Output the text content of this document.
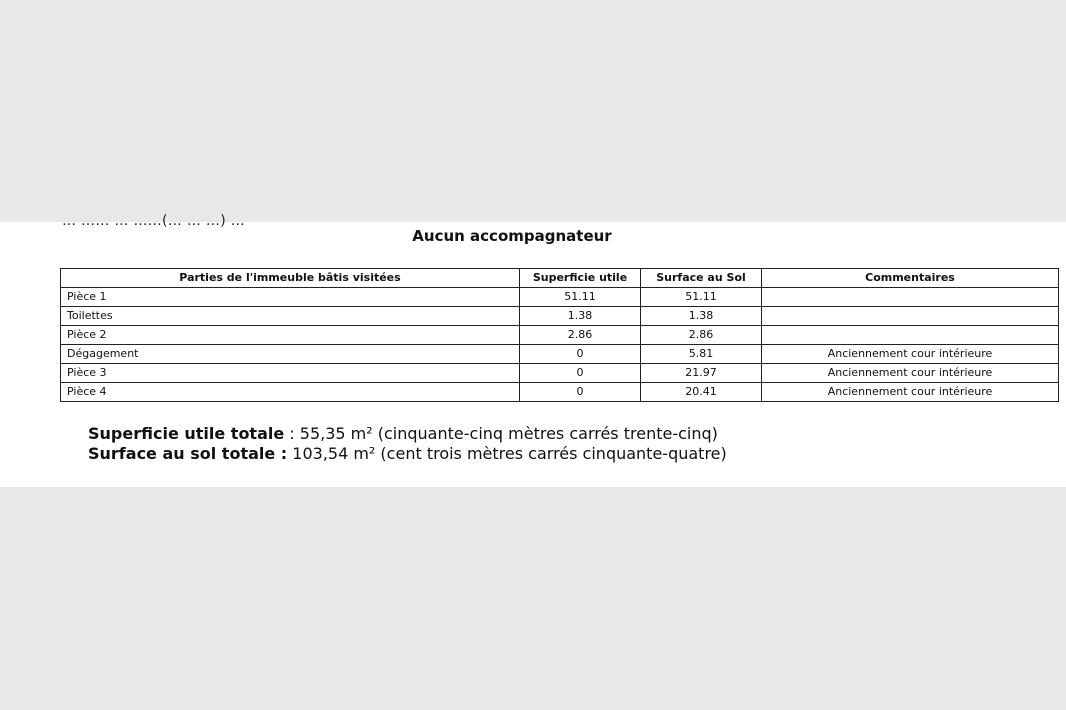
… …… … ……(… … …) …
Aucun accompagnateur
Parties de l'immeuble bâtis visitées	Superficie utile	Surface au Sol	Commentaires
Pièce 1	51.11	51.11	
Toilettes	1.38	1.38	
Pièce 2	2.86	2.86	
Dégagement	0	5.81	Anciennement cour intérieure
Pièce 3	0	21.97	Anciennement cour intérieure
Pièce 4	0	20.41	Anciennement cour intérieure
Superficie utile totale : 55,35 m² (cinquante-cinq mètres carrés trente-cinq)
Surface au sol totale : 103,54 m² (cent trois mètres carrés cinquante-quatre)
